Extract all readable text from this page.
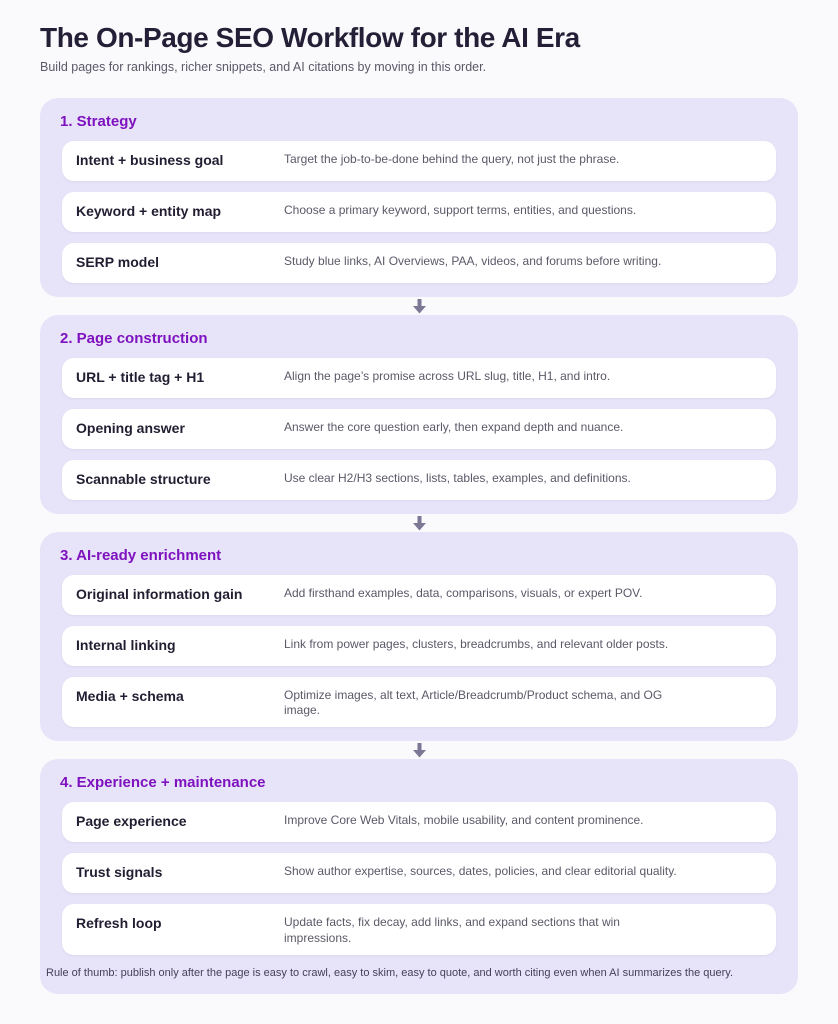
The On-Page SEO Workflow for the AI Era
Build pages for rankings, richer snippets, and AI citations by moving in this order.
1. Strategy
Intent + business goal	Target the job-to-be-done behind the query, not just the phrase.
Keyword + entity map	Choose a primary keyword, support terms, entities, and questions.
SERP model	Study blue links, AI Overviews, PAA, videos, and forums before writing.
2. Page construction
URL + title tag + H1	Align the page’s promise across URL slug, title, H1, and intro.
Opening answer	Answer the core question early, then expand depth and nuance.
Scannable structure	Use clear H2/H3 sections, lists, tables, examples, and definitions.
3. AI-ready enrichment
Original information gain	Add firsthand examples, data, comparisons, visuals, or expert POV.
Internal linking	Link from power pages, clusters, breadcrumbs, and relevant older posts.
Media + schema	Optimize images, alt text, Article/Breadcrumb/Product schema, and OG image.
4. Experience + maintenance
Page experience	Improve Core Web Vitals, mobile usability, and content prominence.
Trust signals	Show author expertise, sources, dates, policies, and clear editorial quality.
Refresh loop	Update facts, fix decay, add links, and expand sections that win impressions.
Rule of thumb: publish only after the page is easy to crawl, easy to skim, easy to quote, and worth citing even when AI summarizes the query.
